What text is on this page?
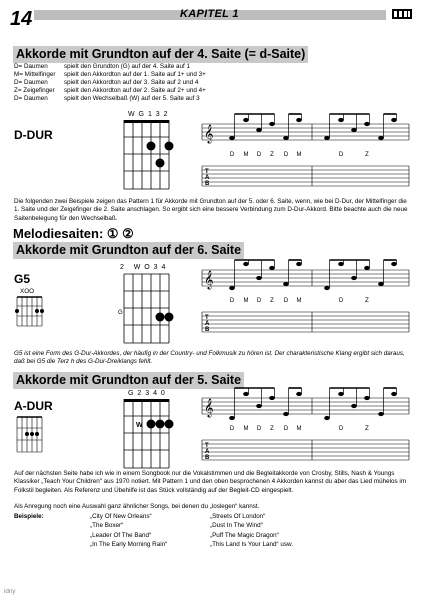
14	KAPITEL 1
Akkorde mit Grundton auf der 4. Saite (= d-Saite)
D= Daumen	spielt den Grundton (G) auf der 4. Saite auf 1
M= Mittelfinger	spielt den Akkordton auf der 1. Saite auf 1+ und 3+
D= Daumen	spielt den Akkordton auf der 3. Saite auf 2 und 4
Z= Zeigefinger	spielt den Akkordton auf der 2. Saite auf 2+ und 4+
D= Daumen	spielt den Wechselbaß (W) auf der 5. Saite auf 3
D-DUR
W G 1 3 2
𝄞
T
A
B
D M D Z D M	D	Z
Die folgenden zwei Beispiele zeigen das Pattern 1 für Akkorde mit Grundton auf der 5. oder 6. Saite, wenn, wie bei D-Dur, der Mittelfinger die 1. Saite und der Zeigefinger die 2. Saite anschlagen. So ergibt sich eine bessere Verbindung zum D-Dur-Akkord. Bitte beachte auch die neue Saitenbelegung für den Wechselbaß.
Melodiesaiten: ① ②
Akkorde mit Grundton auf der 6. Saite
G5
XOO
2   W O 3 4
G
𝄞
T
A
B
D M D Z D M	D	Z
G5 ist eine Form des G-Dur-Akkordes, der häufig in der Country- und Folkmusik zu hören ist. Der charakteristische Klang ergibt sich daraus, daß bei G5 die Terz h des G-Dur-Dreiklangs fehlt.
Akkorde mit Grundton auf der 5. Saite
A-DUR
G 2 3 4 0
W
𝄞
T
A
B
D M D Z D M	D	Z
Auf der nächsten Seite habe ich wie in einem Songbook nur die Vokalstimmen und die Begleitakkorde von Crosby, Stills, Nash & Youngs Klassiker „Teach Your Children“ aus 1970 notiert. Mit Pattern 1 und den oben besprochenen 4 Akkorden kannst du aber das Lied mühelos im Folkstil begleiten. Als Referenz und Übehilfe ist das Stück vollständig auf der Begleit-CD eingespielt.
Als Anregung noch eine Auswahl ganz ähnlicher Songs, bei denen du „loslegen“ kannst.
Beispiele:	„City Of New Orleans“	„Streets Of London“
„The Boxer“	„Dust In The Wind“
„Leader Of The Band“	„Puff The Magic Dragon“
„In The Early Morning Rain“	„This Land Is Your Land“ usw.
idny
